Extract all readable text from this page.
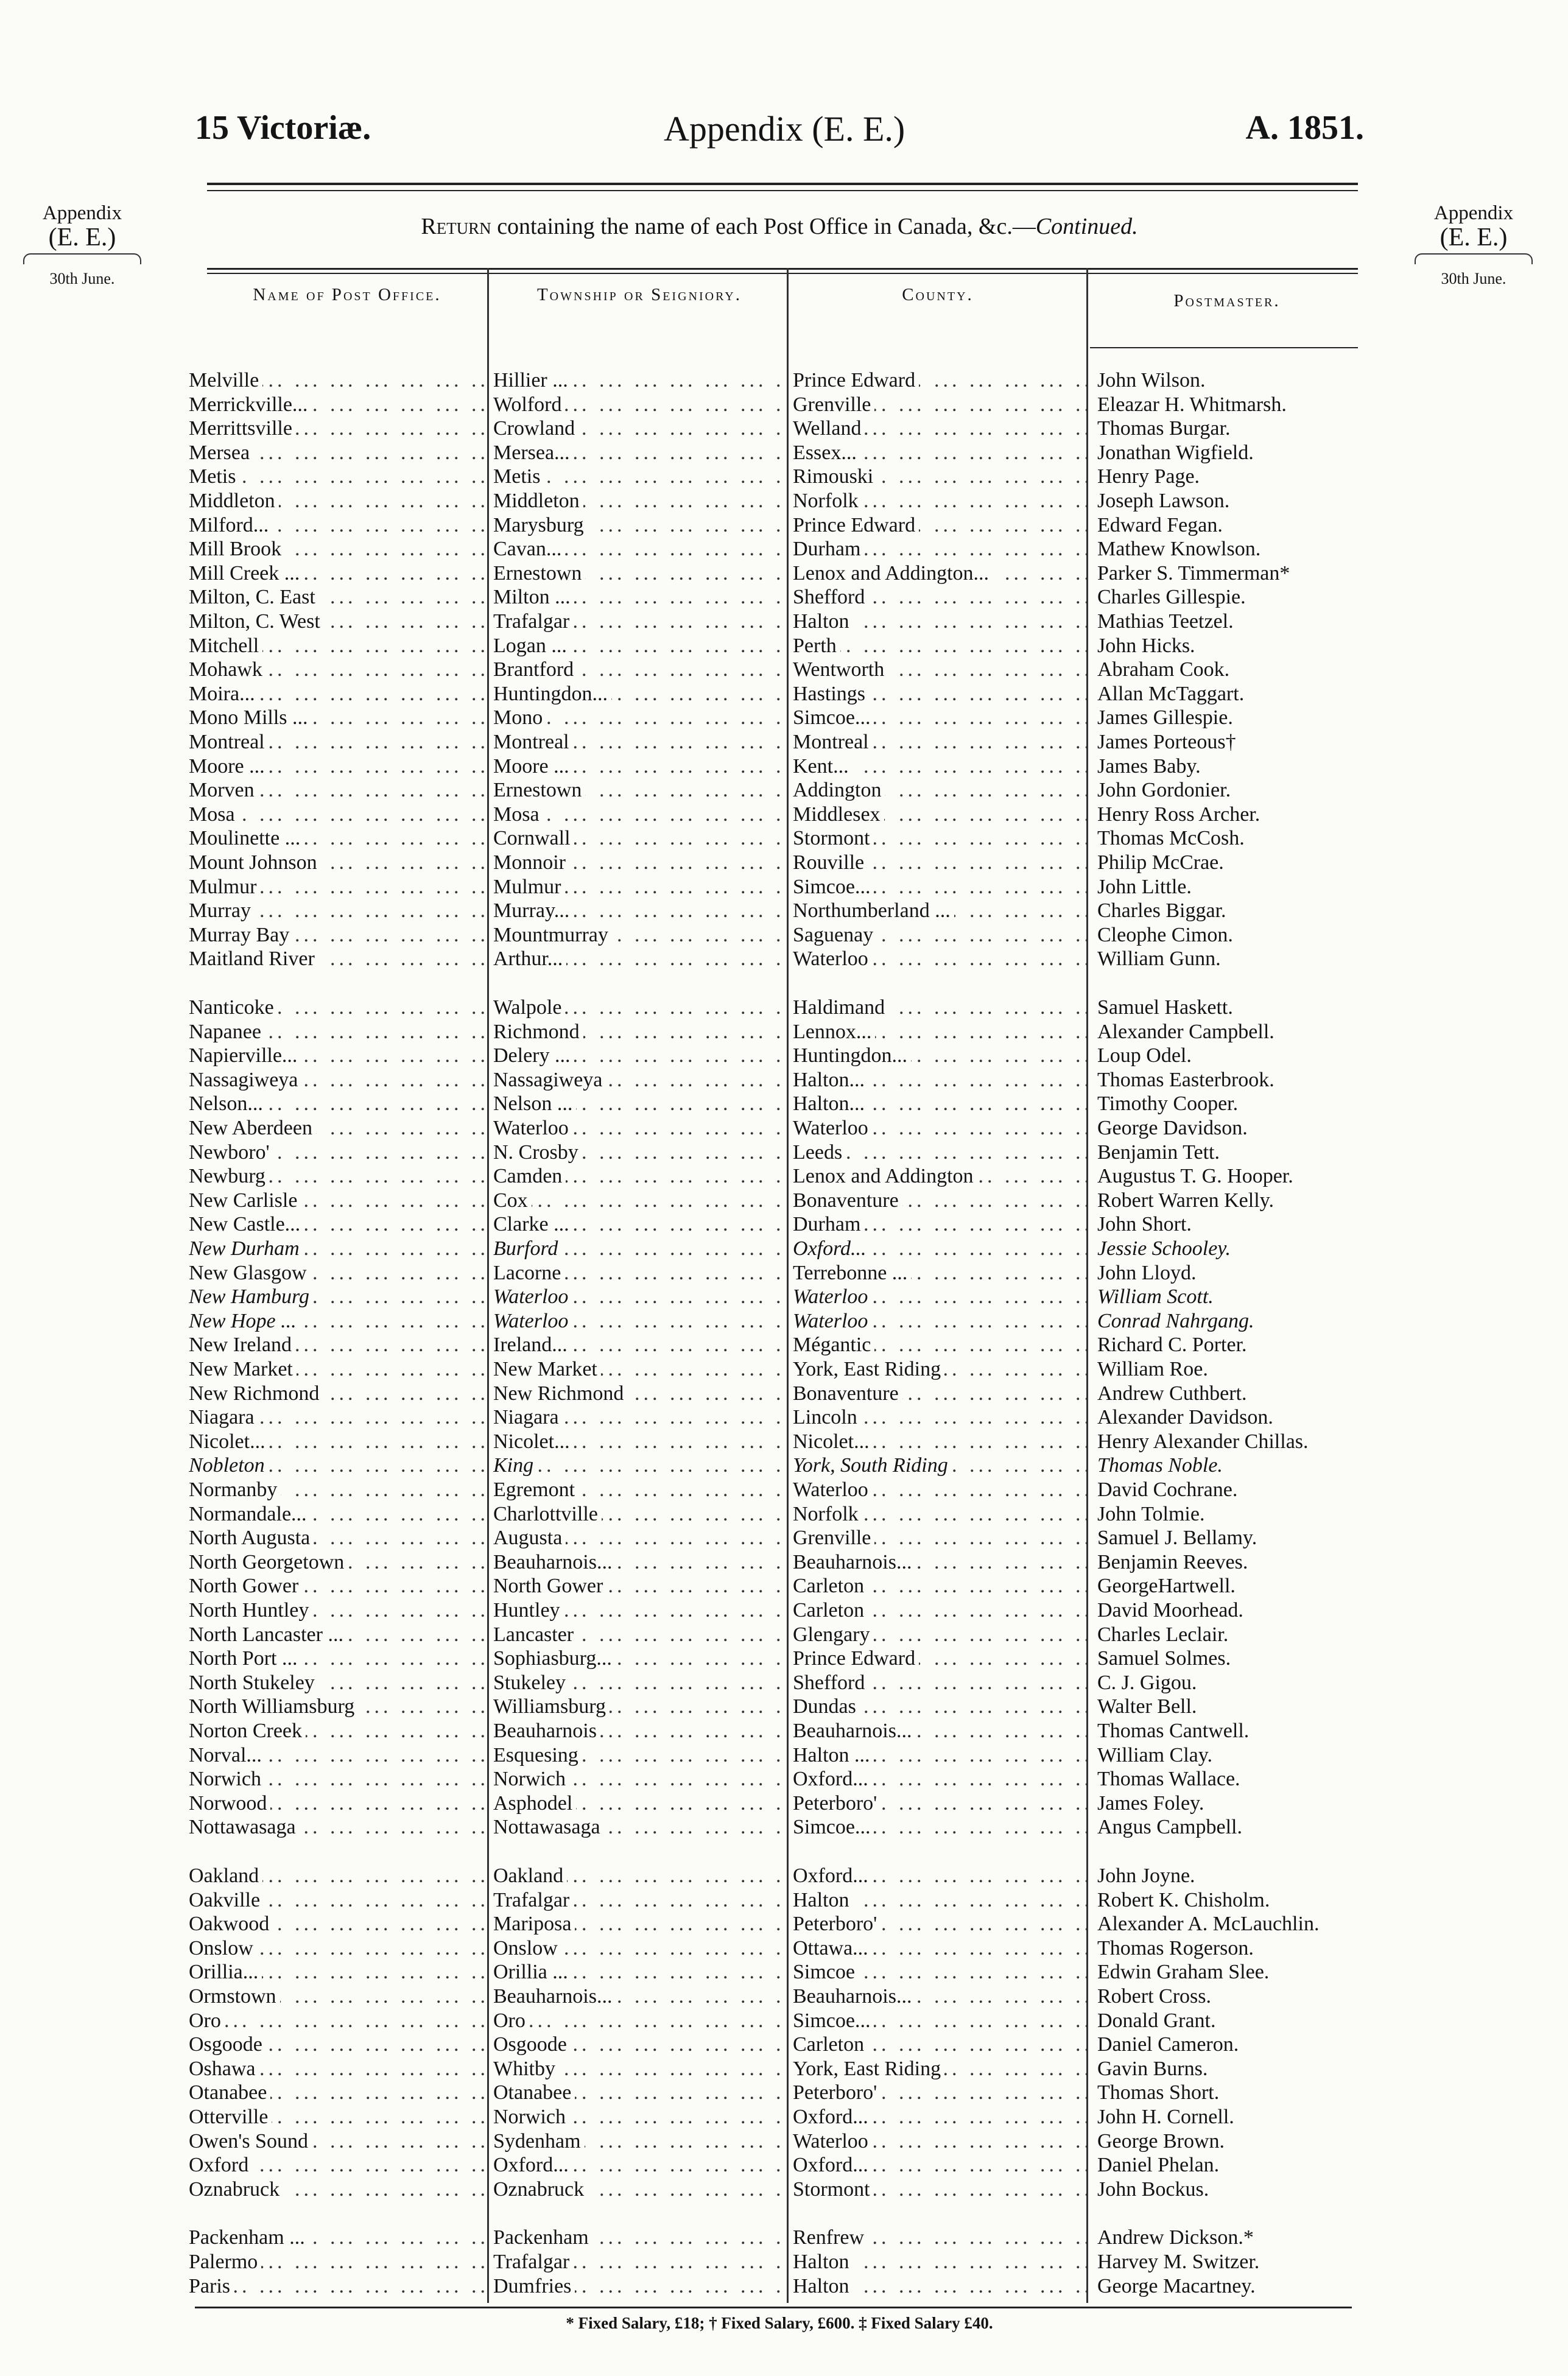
15 Victoriæ.	Appendix (E. E.)	A. 1851.
Appendix
(E. E.)
30th June.
Appendix
(E. E.)
30th June.
Return containing the name of each Post Office in Canada, &c.—Continued.
Name of Post Office.	Township or Seigniory.	County.	Postmaster.
Melville ... .	Hillier ... ... .	Prince Edward ... .	John Wilson.
Merrickville... ... .	Wolford ... .	Grenville ... .	Eleazar H. Whitmarsh.
Merrittsville ... .	Crowland ... .	Welland ... .	Thomas Burgar.
Mersea ... .	Mersea... ... .	Essex... ... .	Jonathan Wigfield.
Metis ... .	Metis ... .	Rimouski ... .	Henry Page.
Middleton ... .	Middleton ... .	Norfolk ... .	Joseph Lawson.
Milford... ... .	Marysburg ... .	Prince Edward ... .	Edward Fegan.
Mill Brook ... .	Cavan... ... .	Durham ... .	Mathew Knowlson.
Mill Creek ... ... .	Ernestown ... .	Lenox and Addington... ... .	Parker S. Timmerman*
Milton, C. East ... .	Milton ... ... .	Shefford ... .	Charles Gillespie.
Milton, C. West ... .	Trafalgar ... .	Halton ... .	Mathias Teetzel.
Mitchell ... .	Logan ... ... .	Perth ... .	John Hicks.
Mohawk ... .	Brantford ... .	Wentworth ... .	Abraham Cook.
Moira... ... .	Huntingdon... ... .	Hastings ... .	Allan McTaggart.
Mono Mills ... ... .	Mono ... .	Simcoe... ... .	James Gillespie.
Montreal ... .	Montreal ... .	Montreal ... .	James Porteous†
Moore ... ... .	Moore ... ... .	Kent... ... .	James Baby.
Morven ... .	Ernestown ... .	Addington ... .	John Gordonier.
Mosa ... .	Mosa ... .	Middlesex ... .	Henry Ross Archer.
Moulinette ... ... .	Cornwall ... .	Stormont ... .	Thomas McCosh.
Mount Johnson ... .	Monnoir ... .	Rouville ... .	Philip McCrae.
Mulmur ... .	Mulmur ... .	Simcoe... ... .	John Little.
Murray ... .	Murray... ... .	Northumberland ... ... .	Charles Biggar.
Murray Bay ... .	Mountmurray ... .	Saguenay ... .	Cleophe Cimon.
Maitland River ... .	Arthur... ... .	Waterloo ... .	William Gunn.
Nanticoke ... .	Walpole ... .	Haldimand ... .	Samuel Haskett.
Napanee ... .	Richmond ... .	Lennox... ... .	Alexander Campbell.
Napierville... ... .	Delery ... ... .	Huntingdon... ... .	Loup Odel.
Nassagiweya ... .	Nassagiweya ... .	Halton... ... .	Thomas Easterbrook.
Nelson... ... .	Nelson ... ... .	Halton... ... .	Timothy Cooper.
New Aberdeen ... .	Waterloo ... .	Waterloo ... .	George Davidson.
Newboro' ... .	N. Crosby ... .	Leeds ... .	Benjamin Tett.
Newburg ... .	Camden ... .	Lenox and Addington ... .	Augustus T. G. Hooper.
New Carlisle ... .	Cox ... .	Bonaventure ... .	Robert Warren Kelly.
New Castle... ... .	Clarke ... ... .	Durham ... .	John Short.
New Durham ... .	Burford ... .	Oxford... ... .	Jessie Schooley.
New Glasgow ... .	Lacorne ... .	Terrebonne ... ... .	John Lloyd.
New Hamburg ... .	Waterloo ... .	Waterloo ... .	William Scott.
New Hope ... ... .	Waterloo ... .	Waterloo ... .	Conrad Nahrgang.
New Ireland ... .	Ireland... ... .	Mégantic ... .	Richard C. Porter.
New Market ... .	New Market ... .	York, East Riding ... .	William Roe.
New Richmond ... .	New Richmond ... .	Bonaventure ... .	Andrew Cuthbert.
Niagara ... .	Niagara ... .	Lincoln ... .	Alexander Davidson.
Nicolet... ... .	Nicolet... ... .	Nicolet... ... .	Henry Alexander Chillas.
Nobleton ... .	King ... .	York, South Riding ... .	Thomas Noble.
Normanby ... .	Egremont ... .	Waterloo ... .	David Cochrane.
Normandale... ... .	Charlottville ... .	Norfolk ... .	John Tolmie.
North Augusta ... .	Augusta ... .	Grenville ... .	Samuel J. Bellamy.
North Georgetown ... .	Beauharnois... ... .	Beauharnois... ... .	Benjamin Reeves.
North Gower ... .	North Gower ... .	Carleton ... .	GeorgeHartwell.
North Huntley ... .	Huntley ... .	Carleton ... .	David Moorhead.
North Lancaster ... ... .	Lancaster ... .	Glengary ... .	Charles Leclair.
North Port ... ... .	Sophiasburg... ... .	Prince Edward ... .	Samuel Solmes.
North Stukeley ... .	Stukeley ... .	Shefford ... .	C. J. Gigou.
North Williamsburg ... .	Williamsburg ... .	Dundas ... .	Walter Bell.
Norton Creek ... .	Beauharnois ... .	Beauharnois... ... .	Thomas Cantwell.
Norval... ... .	Esquesing ... .	Halton ... ... .	William Clay.
Norwich ... .	Norwich ... .	Oxford... ... .	Thomas Wallace.
Norwood ... .	Asphodel ... .	Peterboro' ... .	James Foley.
Nottawasaga ... .	Nottawasaga ... .	Simcoe... ... .	Angus Campbell.
Oakland ... .	Oakland ... .	Oxford... ... .	John Joyne.
Oakville ... .	Trafalgar ... .	Halton ... .	Robert K. Chisholm.
Oakwood ... .	Mariposa ... .	Peterboro' ... .	Alexander A. McLauchlin.
Onslow ... .	Onslow ... .	Ottawa... ... .	Thomas Rogerson.
Orillia... ... .	Orillia ... ... .	Simcoe ... .	Edwin Graham Slee.
Ormstown ... .	Beauharnois... ... .	Beauharnois... ... .	Robert Cross.
Oro ... .	Oro ... .	Simcoe... ... .	Donald Grant.
Osgoode ... .	Osgoode ... .	Carleton ... .	Daniel Cameron.
Oshawa ... .	Whitby ... .	York, East Riding ... .	Gavin Burns.
Otanabee ... .	Otanabee ... .	Peterboro' ... .	Thomas Short.
Otterville ... .	Norwich ... .	Oxford... ... .	John H. Cornell.
Owen's Sound ... .	Sydenham ... .	Waterloo ... .	George Brown.
Oxford ... .	Oxford... ... .	Oxford... ... .	Daniel Phelan.
Oznabruck ... .	Oznabruck ... .	Stormont ... .	John Bockus.
Packenham ... ... .	Packenham ... .	Renfrew ... .	Andrew Dickson.*
Palermo ... .	Trafalgar ... .	Halton ... .	Harvey M. Switzer.
Paris ... .	Dumfries ... .	Halton ... .	George Macartney.
* Fixed Salary, £18; † Fixed Salary, £600. ‡ Fixed Salary £40.
